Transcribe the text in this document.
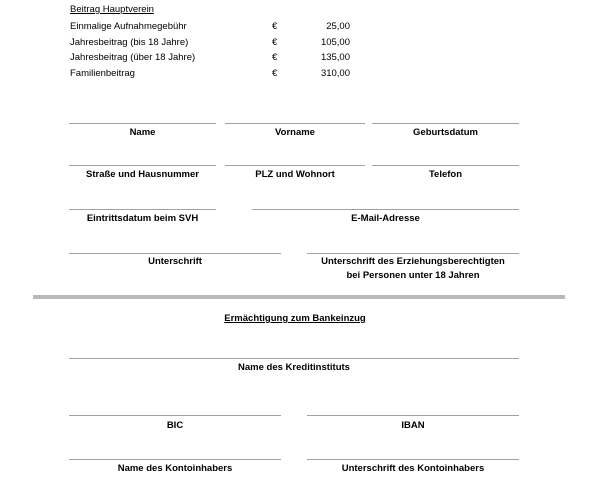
Beitrag Hauptverein
Einmalige Aufnahmegebühr	€	25,00
Jahresbeitrag (bis 18 Jahre)	€	105,00
Jahresbeitrag (über 18 Jahre)	€	135,00
Familienbeitrag	€	310,00
Name	Vorname	Geburtsdatum
Straße und Hausnummer	PLZ und Wohnort	Telefon
Eintrittsdatum beim SVH	E-Mail-Adresse
Unterschrift	Unterschrift des Erziehungsberechtigten
bei Personen unter 18 Jahren
Ermächtigung zum Bankeinzug
Name des Kreditinstituts
BIC	IBAN
Name des Kontoinhabers	Unterschrift des Kontoinhabers
